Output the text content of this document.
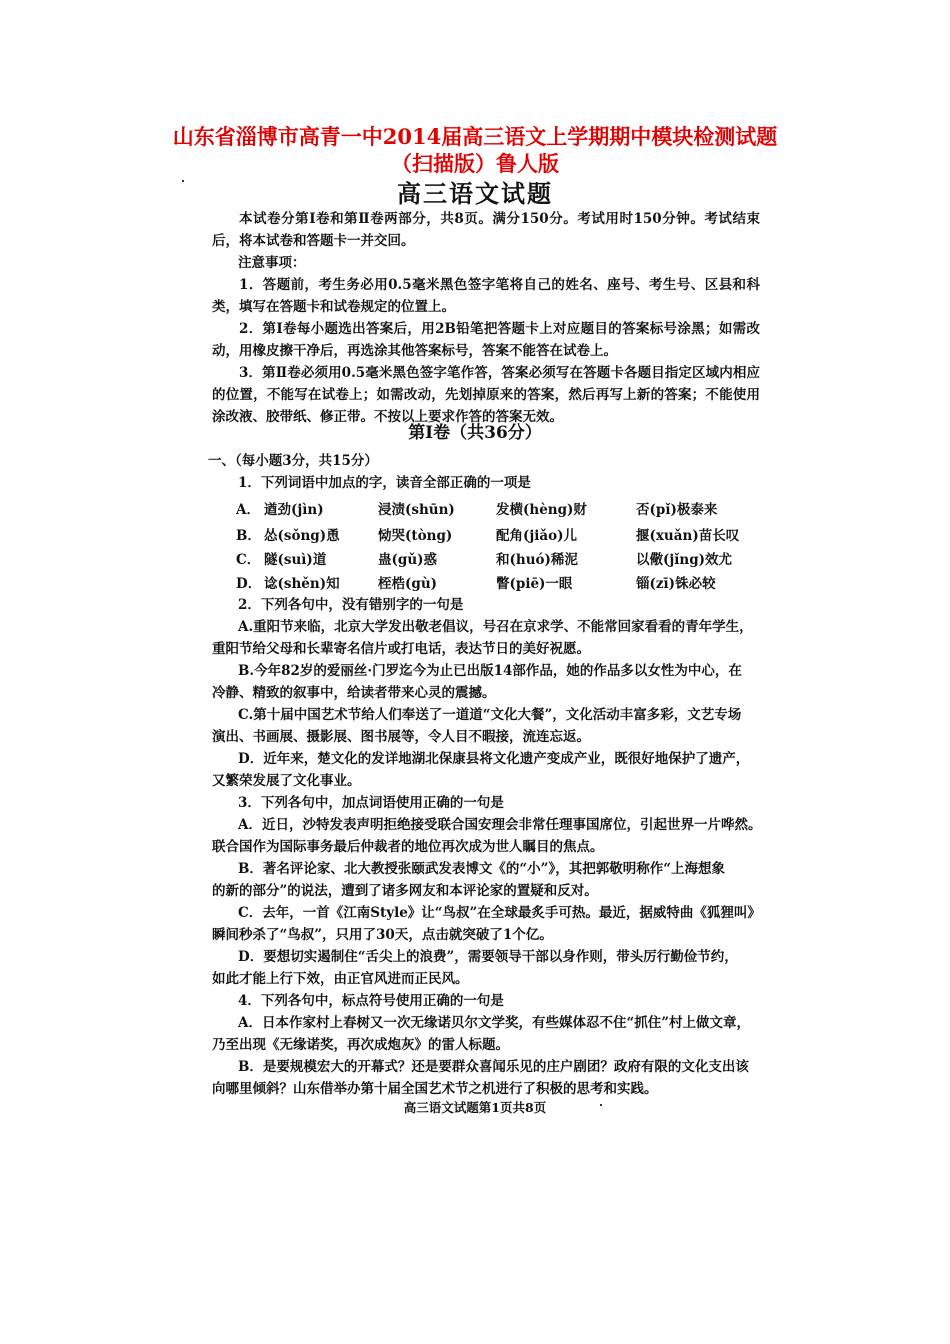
山东省淄博市高青一中2014届高三语文上学期期中模块检测试题
（扫描版）鲁人版
高三语文试题
本试卷分第Ⅰ卷和第Ⅱ卷两部分，共8页。满分150分。考试用时150分钟。考试结束后，将本试卷和答题卡一并交回。
注意事项：
1．答题前，考生务必用0.5毫米黑色签字笔将自己的姓名、座号、考生号、区县和科类，填写在答题卡和试卷规定的位置上。
2．第Ⅰ卷每小题选出答案后，用2B铅笔把答题卡上对应题目的答案标号涂黑；如需改动，用橡皮擦干净后，再选涂其他答案标号，答案不能答在试卷上。
3．第Ⅱ卷必须用0.5毫米黑色签字笔作答，答案必须写在答题卡各题目指定区域内相应的位置，不能写在试卷上；如需改动，先划掉原来的答案，然后再写上新的答案；不能使用涂改液、胶带纸、修正带。不按以上要求作答的答案无效。
第Ⅰ卷（共36分）
一、（每小题3分，共15分）
1．下列词语中加点的字，读音全部正确的一项是
A． 遒劲(jìn)	浸渍(shūn)	发横(hèng)财	否(pǐ)极泰来
B． 怂(sǒng)恿	恸哭(tòng)	配角(jiǎo)儿	揠(xuǎn)苗长叹
C． 隧(suì)道	蛊(gǔ)惑	和(huó)稀泥	以儆(jǐng)效尤
D． 谂(shěn)知	桎梏(gù)	瞥(piē)一眼	锱(zī)铢必较
2．下列各句中，没有错别字的一句是
A.重阳节来临，北京大学发出敬老倡议，号召在京求学、不能常回家看看的青年学生，
重阳节给父母和长辈寄名信片或打电话，表达节日的美好祝愿。
B.今年82岁的爱丽丝·门罗迄今为止已出版14部作品，她的作品多以女性为中心，在
冷静、精致的叙事中，给读者带来心灵的震撼。
C.第十届中国艺术节给人们奉送了一道道“文化大餐”，文化活动丰富多彩，文艺专场
演出、书画展、摄影展、图书展等，令人目不暇接，流连忘返。
D．近年来，楚文化的发详地湖北保康县将文化遗产变成产业，既很好地保护了遗产，
又繁荣发展了文化事业。
3．下列各句中，加点词语使用正确的一句是
A．近日，沙特发表声明拒绝接受联合国安理会非常任理事国席位，引起世界一片哗然。
联合国作为国际事务最后仲裁者的地位再次成为世人瞩目的焦点。
B．著名评论家、北大教授张颐武发表博文《的“小”》，其把郭敬明称作“上海想象
的新的部分”的说法，遭到了诸多网友和本评论家的置疑和反对。
C．去年，一首《江南Style》让“鸟叔”在全球最炙手可热。最近，据威特曲《狐狸叫》
瞬间秒杀了“鸟叔”，只用了30天，点击就突破了1个亿。
D．要想切实遏制住“舌尖上的浪费”，需要领导干部以身作则，带头厉行勤俭节约，
如此才能上行下效，由正官风进而正民风。
4．下列各句中，标点符号使用正确的一句是
A．日本作家村上春树又一次无缘诺贝尔文学奖，有些媒体忍不住“抓住”村上做文章，
乃至出现《无缘诺奖，再次成炮灰》的雷人标题。
B．是要规模宏大的开幕式？还是要群众喜闻乐见的庄户剧团？政府有限的文化支出该
向哪里倾斜？山东借举办第十届全国艺术节之机进行了积极的思考和实践。
高三语文试题第1页共8页
